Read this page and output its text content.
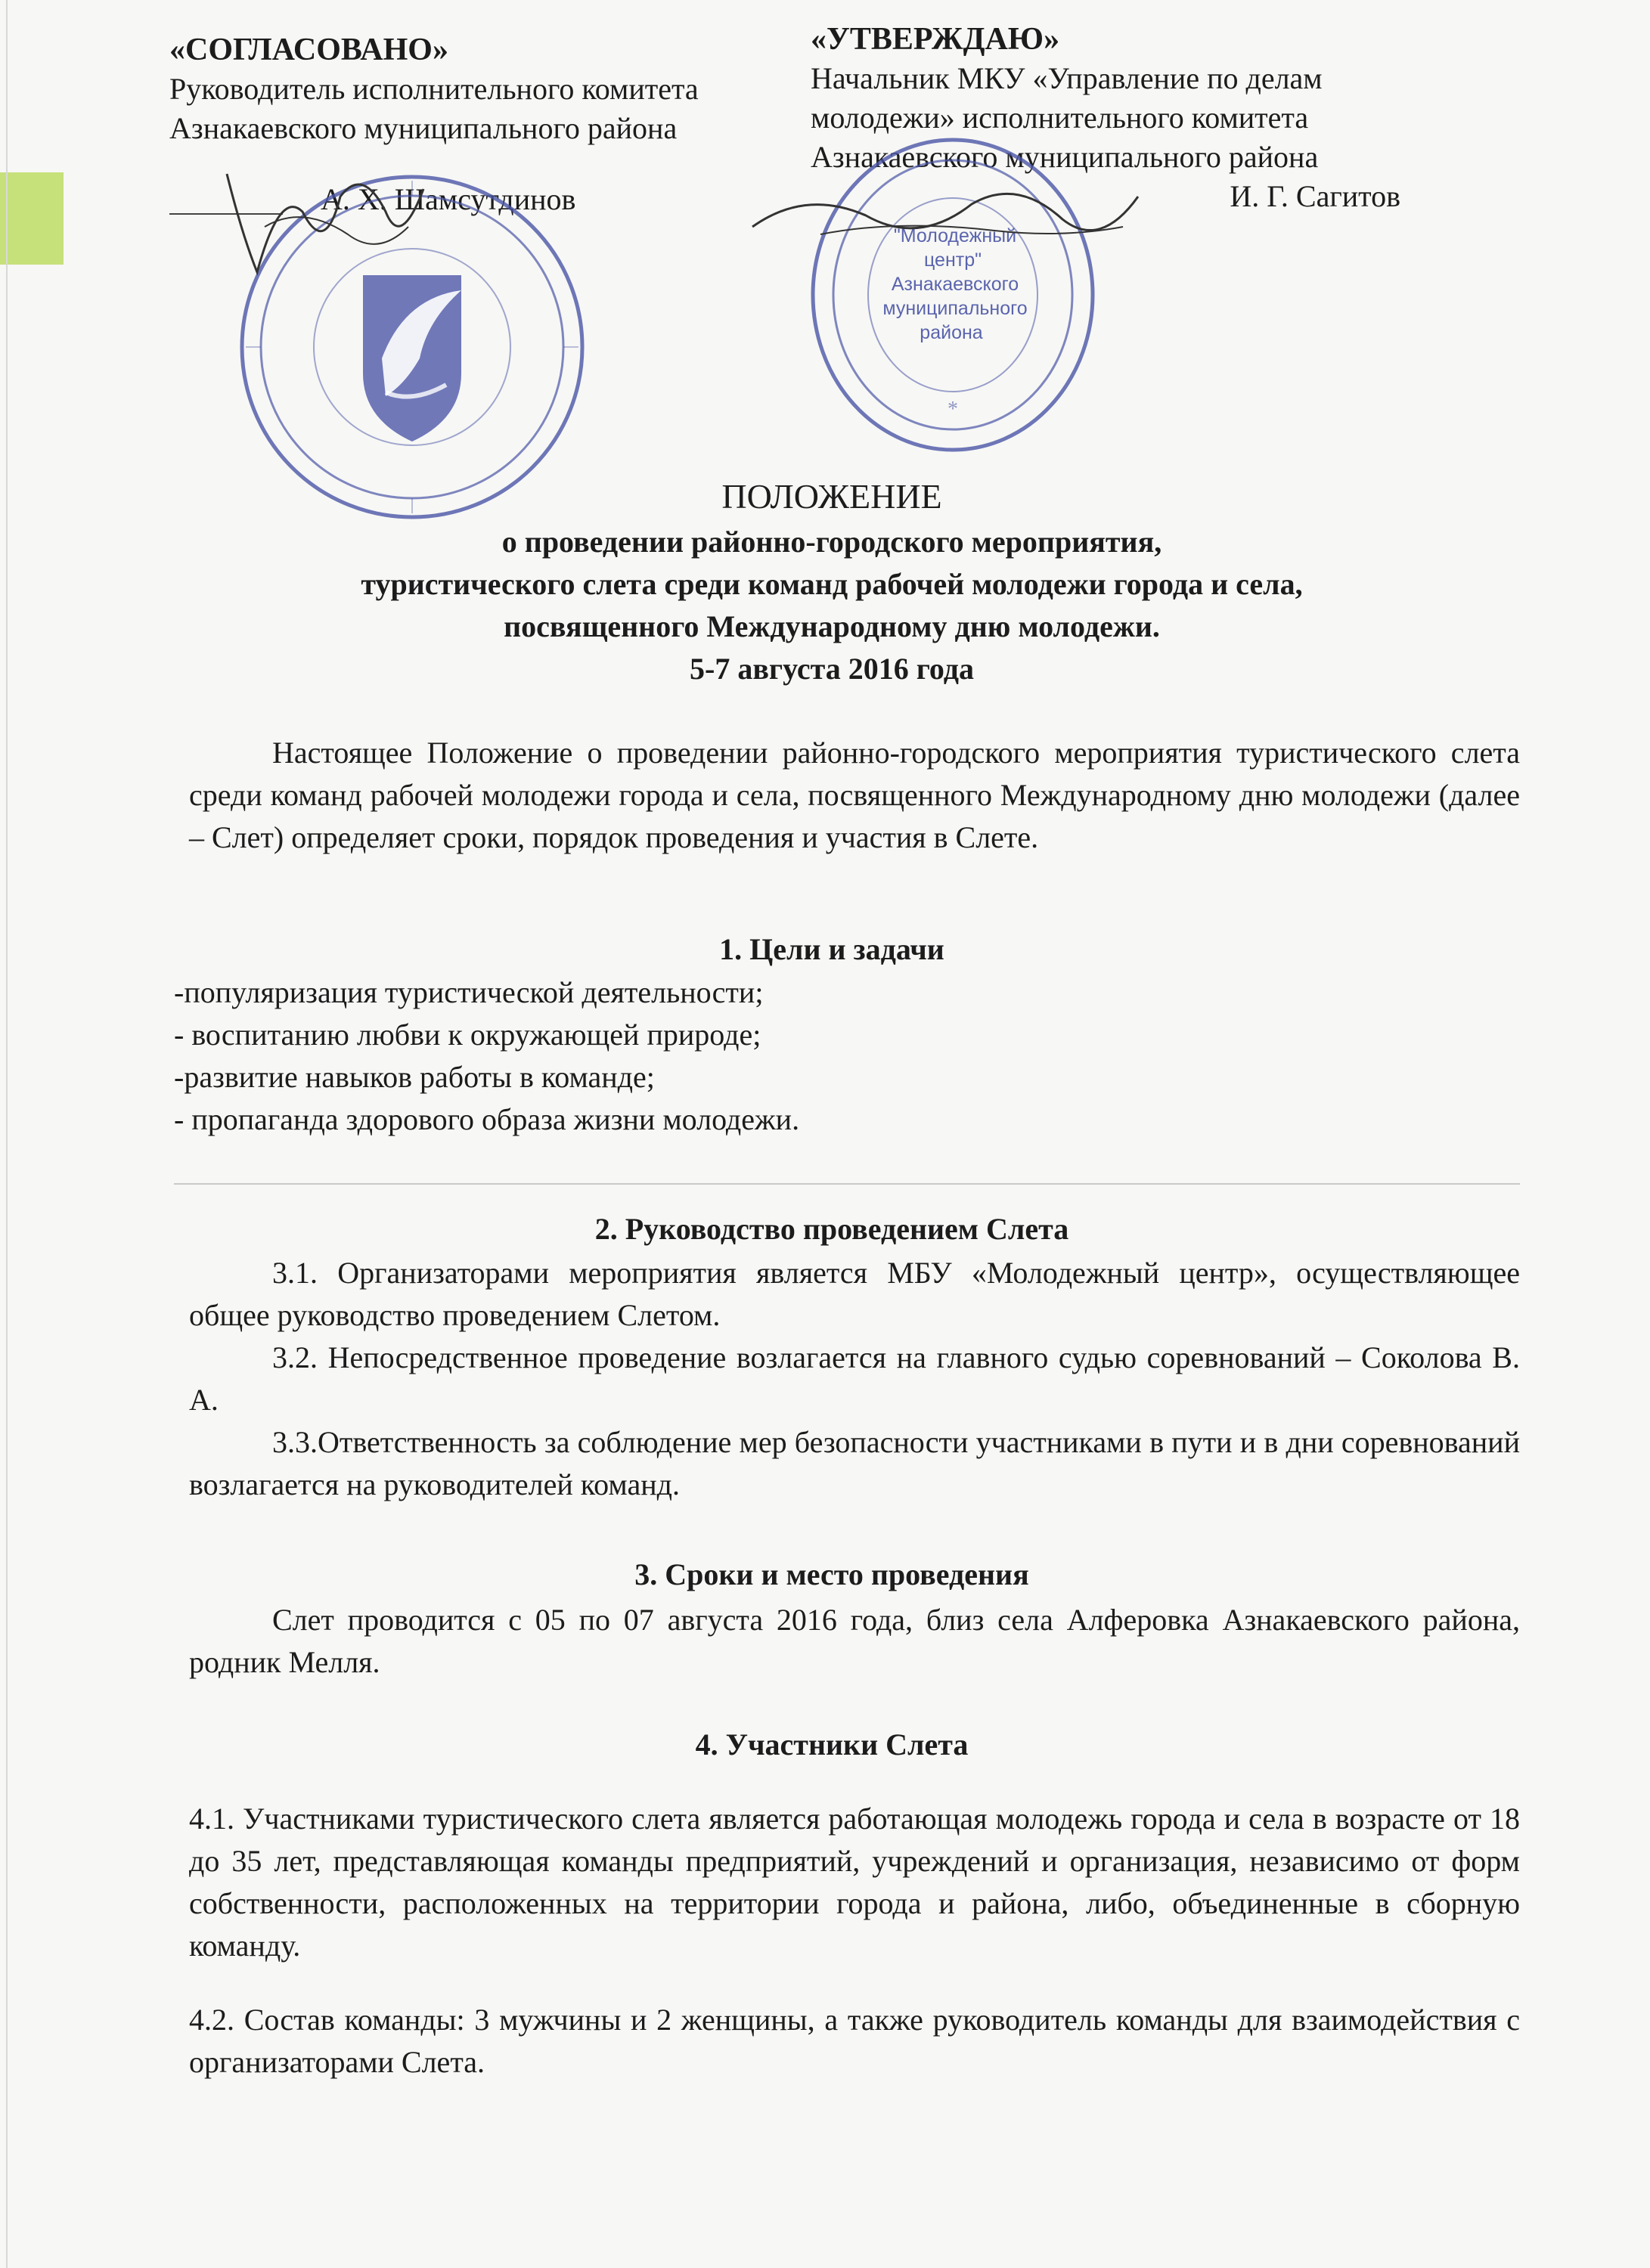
«СОГЛАСОВАНО»
Руководитель исполнительного комитета
Азнакаевского муниципального района
А. Х. Шамсутдинов
«УТВЕРЖДАЮ»
Начальник МКУ «Управление по делам
молодежи» исполнительного комитета
Азнакаевского муниципального района
И. Г. Сагитов
"Молодежный
центр"
Азнакаевского
муниципального
района
*
ПОЛОЖЕНИЕ
о проведении районно-городского мероприятия,
туристического слета среди команд рабочей молодежи города и села,
посвященного Международному дню молодежи.
5-7 августа 2016 года

Настоящее Положение о проведении районно-городского мероприятия туристического слета среди команд рабочей молодежи города и села, посвященного Международному дню молодежи (далее – Слет) определяет сроки, порядок проведения и участия в Слете.

1. Цели и задачи
-популяризация туристической деятельности;
- воспитанию любви к окружающей природе;
-развитие навыков работы в команде;
- пропаганда здорового образа жизни молодежи.
2. Руководство проведением Слета

3.1. Организаторами мероприятия является МБУ «Молодежный центр», осуществляющее общее руководство проведением Слетом.

3.2. Непосредственное проведение возлагается на главного судью соревнований – Соколова В. А.

3.3.Ответственность за соблюдение мер безопасности участниками в пути и в дни соревнований возлагается на руководителей команд.

3. Сроки и место проведения

Слет проводится с 05 по 07 августа 2016 года, близ села Алферовка Азнакаевского района, родник Мелля.

4. Участники Слета

4.1. Участниками туристического слета является работающая молодежь города и села в возрасте от 18 до 35 лет, представляющая команды предприятий, учреждений и организация, независимо от форм собственности, расположенных на территории города и района, либо, объединенные в сборную команду.

4.2. Состав команды: 3 мужчины и 2 женщины, а также руководитель команды для взаимодействия с организаторами Слета.
